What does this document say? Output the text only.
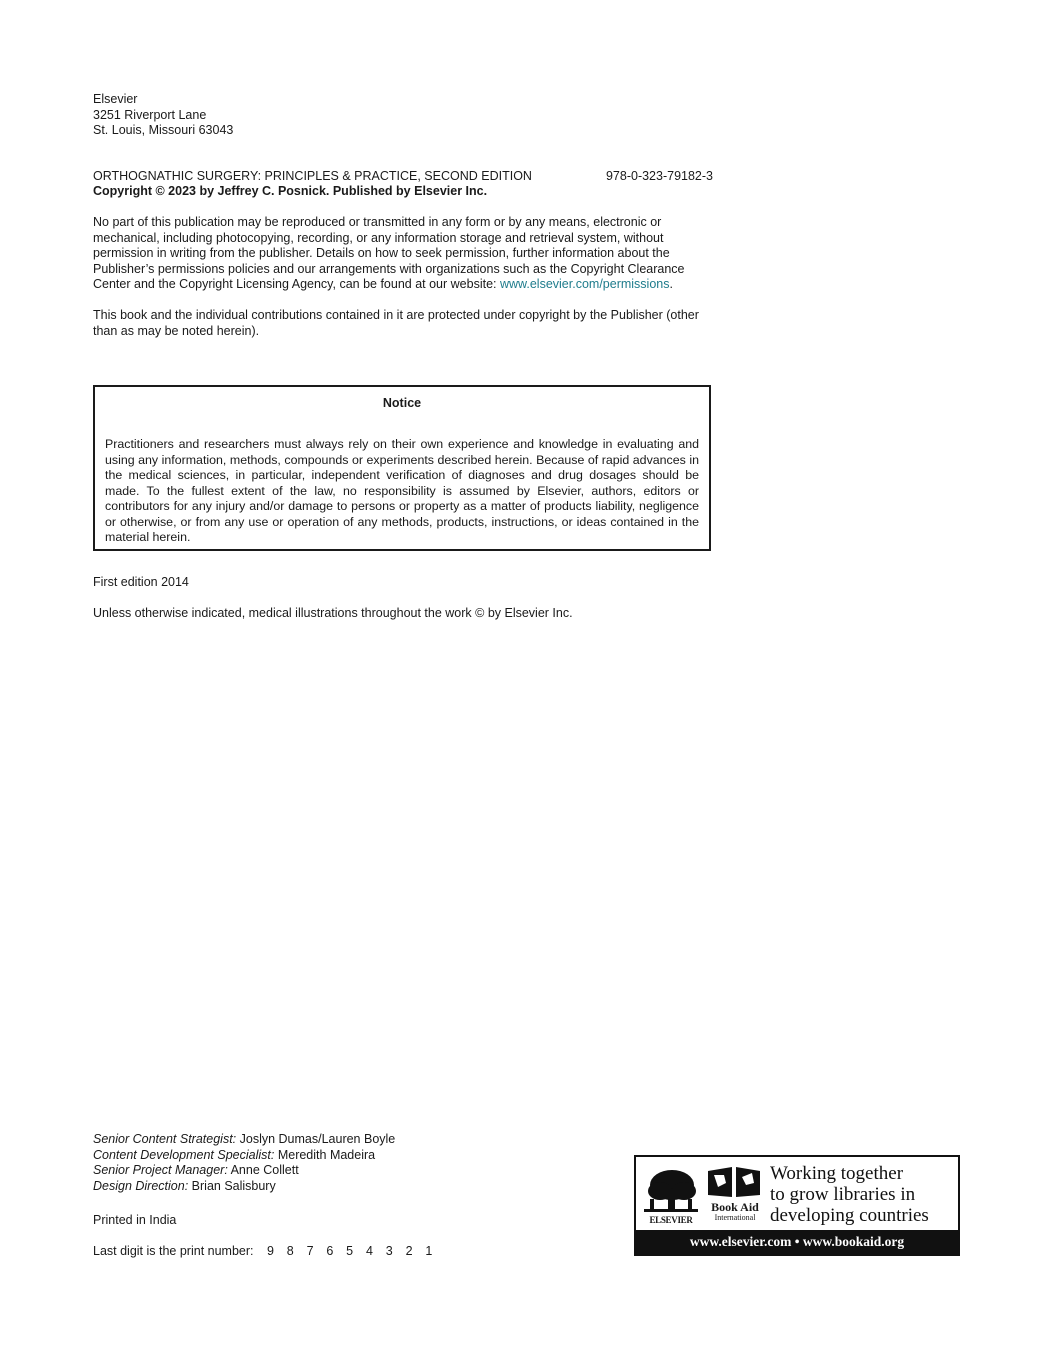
Elsevier
3251 Riverport Lane
St. Louis, Missouri 63043
ORTHOGNATHIC SURGERY: PRINCIPLES & PRACTICE, SECOND EDITION	978-0-323-79182-3
Copyright © 2023 by Jeffrey C. Posnick. Published by Elsevier Inc.
No part of this publication may be reproduced or transmitted in any form or by any means, electronic or mechanical, including photocopying, recording, or any information storage and retrieval system, without permission in writing from the publisher. Details on how to seek permission, further information about the Publisher’s permissions policies and our arrangements with organizations such as the Copyright Clearance Center and the Copyright Licensing Agency, can be found at our website: www.elsevier.com/permissions.
This book and the individual contributions contained in it are protected under copyright by the Publisher (other than as may be noted herein).
Notice
Practitioners and researchers must always rely on their own experience and knowledge in evaluating and using any information, methods, compounds or experiments described herein. Because of rapid advances in the medical sciences, in particular, independent verification of diagnoses and drug dosages should be made. To the fullest extent of the law, no responsibility is assumed by Elsevier, authors, editors or contributors for any injury and/or damage to persons or property as a matter of products liability, negligence or otherwise, or from any use or operation of any methods, products, instructions, or ideas contained in the material herein.
First edition 2014
Unless otherwise indicated, medical illustrations throughout the work © by Elsevier Inc.
Senior Content Strategist: Joslyn Dumas/Lauren Boyle
Content Development Specialist: Meredith Madeira
Senior Project Manager: Anne Collett
Design Direction: Brian Salisbury
Printed in India
Last digit is the print number: 9 8 7 6 5 4 3 2 1
ELSEVIER
Book Aid
International
Working together
to grow libraries in
developing countries
www.elsevier.com • www.bookaid.org
